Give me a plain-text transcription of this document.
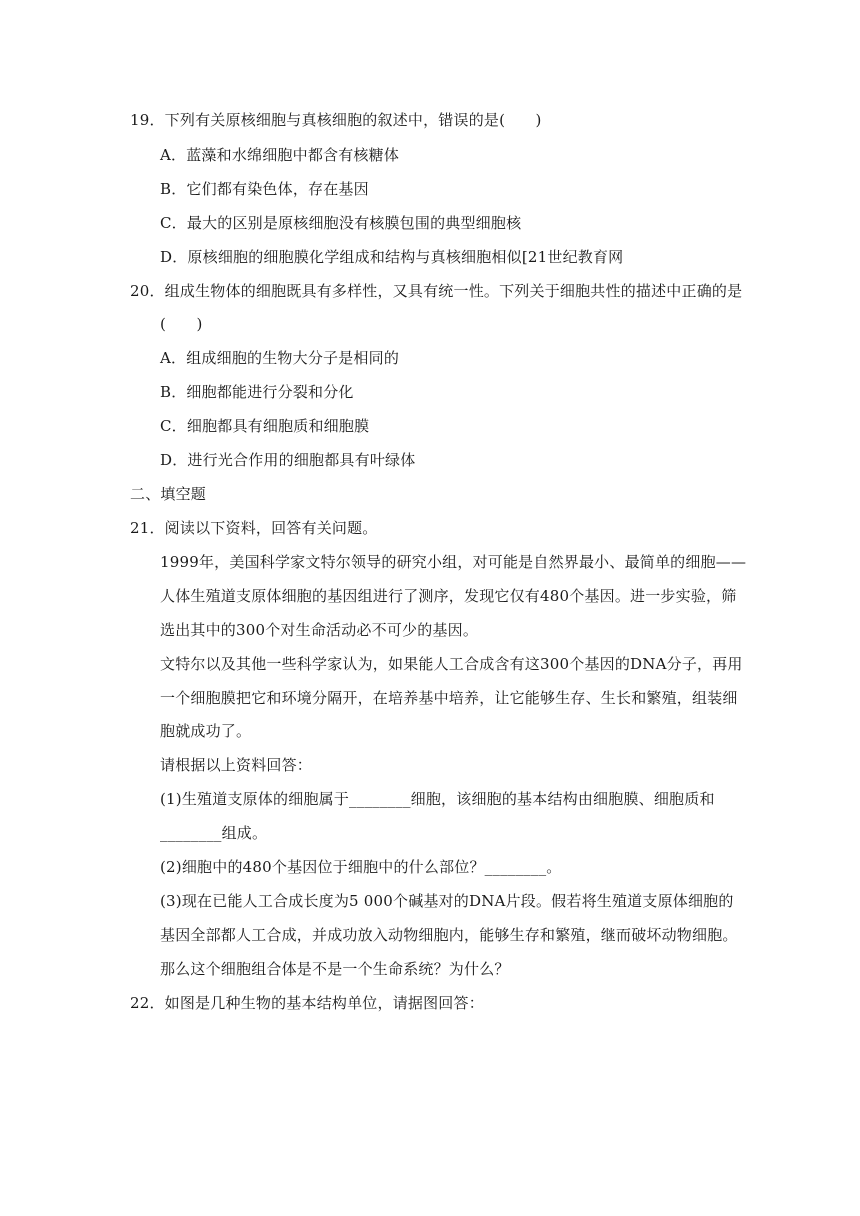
19．下列有关原核细胞与真核细胞的叙述中，错误的是(　　)
A．蓝藻和水绵细胞中都含有核糖体
B．它们都有染色体，存在基因
C．最大的区别是原核细胞没有核膜包围的典型细胞核
D．原核细胞的细胞膜化学组成和结构与真核细胞相似[21世纪教育网
20．组成生物体的细胞既具有多样性，又具有统一性。下列关于细胞共性的描述中正确的是
(　　)
A．组成细胞的生物大分子是相同的
B．细胞都能进行分裂和分化
C．细胞都具有细胞质和细胞膜
D．进行光合作用的细胞都具有叶绿体
二、填空题
21．阅读以下资料，回答有关问题。
1999年，美国科学家文特尔领导的研究小组，对可能是自然界最小、最简单的细胞——
人体生殖道支原体细胞的基因组进行了测序，发现它仅有480个基因。进一步实验，筛
选出其中的300个对生命活动必不可少的基因。
文特尔以及其他一些科学家认为，如果能人工合成含有这300个基因的DNA分子，再用
一个细胞膜把它和环境分隔开，在培养基中培养，让它能够生存、生长和繁殖，组装细
胞就成功了。
请根据以上资料回答：
(1)生殖道支原体的细胞属于________细胞，该细胞的基本结构由细胞膜、细胞质和
________组成。
(2)细胞中的480个基因位于细胞中的什么部位？________。
(3)现在已能人工合成长度为5 000个碱基对的DNA片段。假若将生殖道支原体细胞的
基因全部都人工合成，并成功放入动物细胞内，能够生存和繁殖，继而破坏动物细胞。
那么这个细胞组合体是不是一个生命系统？为什么？
22．如图是几种生物的基本结构单位，请据图回答：
